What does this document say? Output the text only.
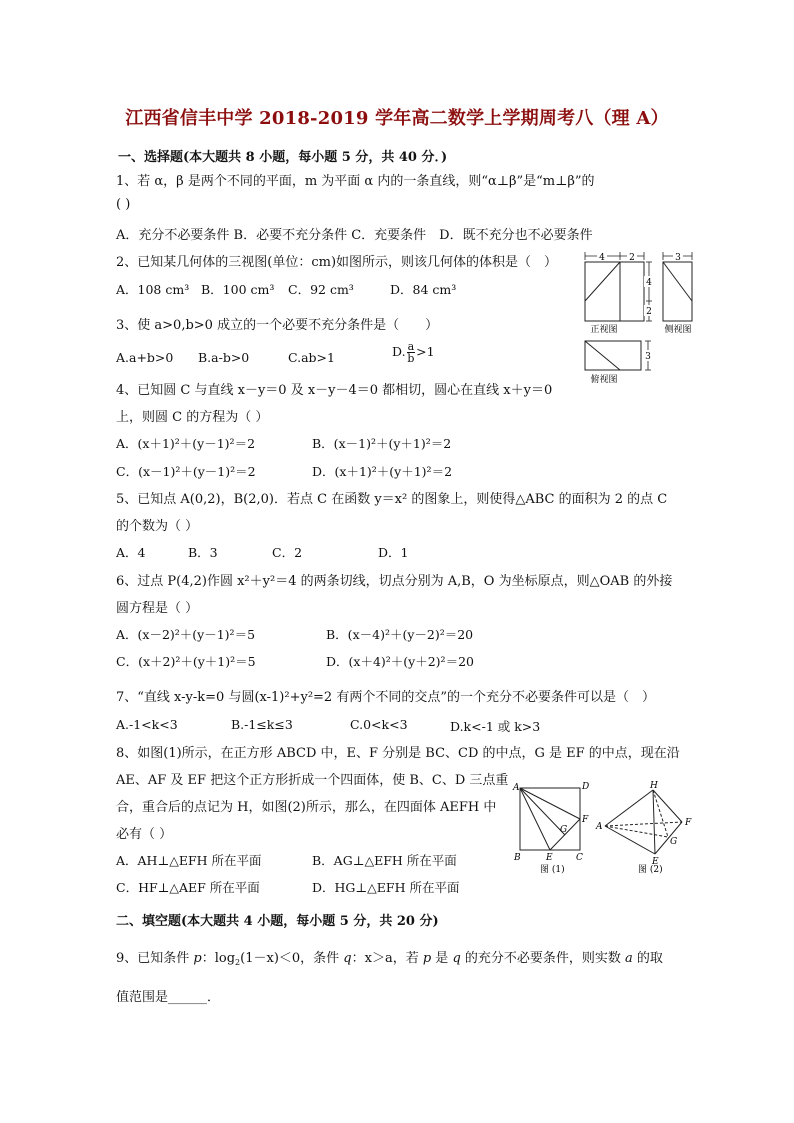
江西省信丰中学 2018-2019 学年高二数学上学期周考八（理 A）
一、选择题(本大题共 8 小题，每小题 5 分，共 40 分．)
1、若 α，β 是两个不同的平面，m 为平面 α 内的一条直线，则“α⊥β”是“m⊥β”的
( )
A．充分不必要条件 B．必要不充分条件 C．充要条件　D．既不充分也不必要条件
2、已知某几何体的三视图(单位：cm)如图所示，则该几何体的体积是（　）
A．108 cm³ B．100 cm³ C．92 cm³	D．84 cm³
4	2
4
2
3
正视图	侧视图
3
俯视图
3、使 a>0,b>0 成立的一个必要不充分条件是（　　）
A.a+b>0 B.a-b>0	C.ab>1	D. $\frac{a}{b} >1$
4、已知圆 C 与直线 x－y＝0 及 x－y－4＝0 都相切，圆心在直线 x＋y＝0
上，则圆 C 的方程为（ ）
A．(x＋1)²＋(y－1)²＝2	B．(x－1)²＋(y＋1)²＝2
C．(x－1)²＋(y－1)²＝2	D．(x＋1)²＋(y＋1)²＝2
5、已知点 A(0,2)，B(2,0)．若点 C 在函数 y＝x² 的图象上，则使得△ABC 的面积为 2 的点 C
的个数为（ ）
A．4	B．3	C．2	D．1
6、过点 P(4,2)作圆 x²＋y²＝4 的两条切线，切点分别为 A,B，O 为坐标原点，则△OAB 的外接
圆方程是（ ）
A．(x－2)²＋(y－1)²＝5	B．(x－4)²＋(y－2)²＝20
C．(x＋2)²＋(y＋1)²＝5	D．(x＋4)²＋(y＋2)²＝20
7、“直线 x-y-k=0 与圆(x-1)²+y²=2 有两个不同的交点”的一个充分不必要条件可以是（　）
A.-1<k<3	B.-1≤k≤3	C.0<k<3	D.k<-1 或 k>3
8、如图(1)所示，在正方形 ABCD 中，E、F 分别是 BC、CD 的中点，G 是 EF 的中点，现在沿
AE、AF 及 EF 把这个正方形折成一个四面体，使 B、C、D 三点重
合，重合后的点记为 H，如图(2)所示，那么，在四面体 AEFH 中
必有（ ）
A．AH⊥△EFH 所在平面	B．AG⊥△EFH 所在平面
C．HF⊥△AEF 所在平面	D．HG⊥△EFH 所在平面
A	D
B	E	C
F
G
图 (1)
H
A	F
G
E
图 (2)
二、填空题(本大题共 4 小题，每小题 5 分，共 20 分)
9、已知条件 p：$\log_2(1-x)<0$，条件 q：x＞a，若 p 是 q 的充分不必要条件，则实数 a 的取
值范围是______．
